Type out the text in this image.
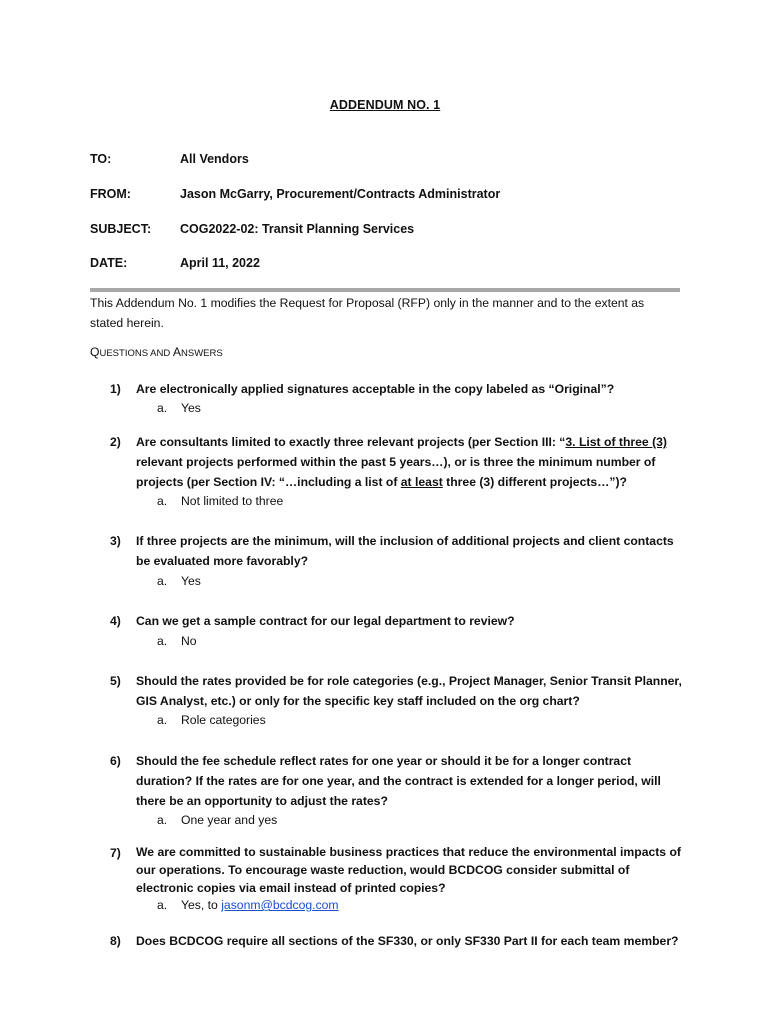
ADDENDUM NO. 1
TO:	All Vendors
FROM:	Jason McGarry, Procurement/Contracts Administrator
SUBJECT:	COG2022-02: Transit Planning Services
DATE:	April 11, 2022
This Addendum No. 1 modifies the Request for Proposal (RFP) only in the manner and to the extent as stated herein.
QUESTIONS AND ANSWERS
1)	Are electronically applied signatures acceptable in the copy labeled as “Original”?
a. Yes
2)	Are consultants limited to exactly three relevant projects (per Section III: “3. List of three (3)
relevant projects performed within the past 5 years…), or is three the minimum number of
projects (per Section IV: “…including a list of at least three (3) different projects…”)?
a. Not limited to three
3)	If three projects are the minimum, will the inclusion of additional projects and client contacts
be evaluated more favorably?
a. Yes
4)	Can we get a sample contract for our legal department to review?
a. No
5)	Should the rates provided be for role categories (e.g., Project Manager, Senior Transit Planner,
GIS Analyst, etc.) or only for the specific key staff included on the org chart?
a. Role categories
6)	Should the fee schedule reflect rates for one year or should it be for a longer contract
duration? If the rates are for one year, and the contract is extended for a longer period, will
there be an opportunity to adjust the rates?
a. One year and yes
7)	We are committed to sustainable business practices that reduce the environmental impacts of
our operations. To encourage waste reduction, would BCDCOG consider submittal of
electronic copies via email instead of printed copies?
a. Yes, to jasonm@bcdcog.com
8)	Does BCDCOG require all sections of the SF330, or only SF330 Part II for each team member?
